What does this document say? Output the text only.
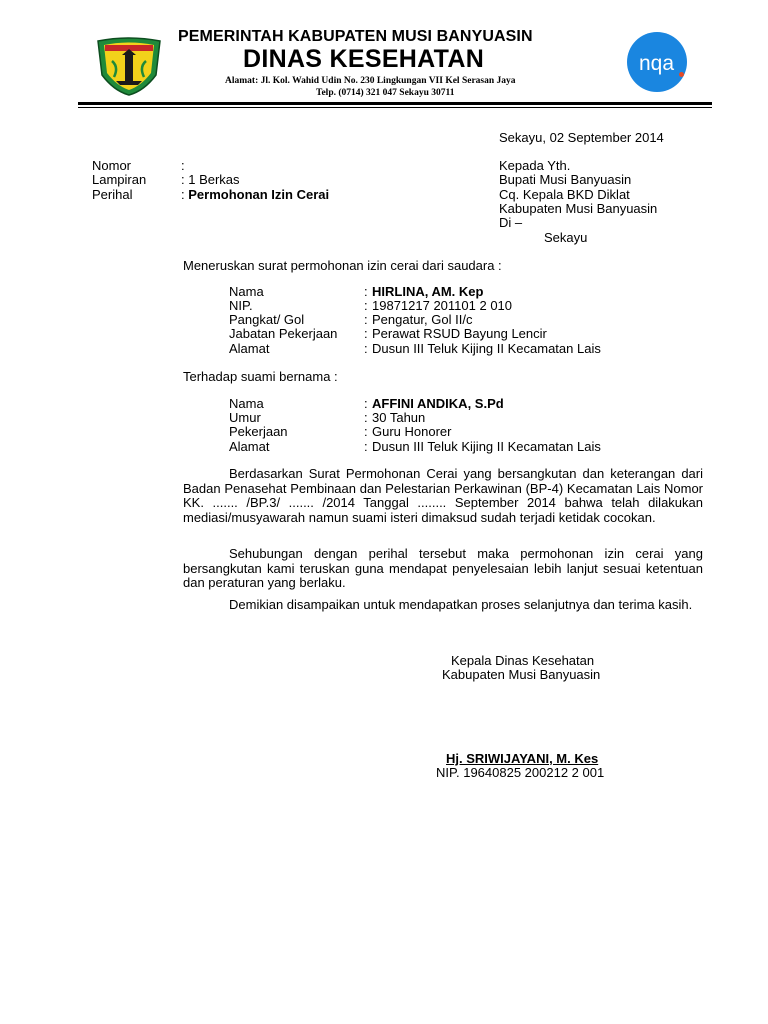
PEMERINTAH KABUPATEN MUSI BANYUASIN
DINAS KESEHATAN
Alamat: Jl. Kol. Wahid Udin No. 230 Lingkungan VII Kel Serasan Jaya
Telp. (0714) 321 047 Sekayu 30711
nqa
Sekayu, 02 September 2014
Nomor	:
Lampiran	: 1 Berkas
Perihal	: Permohonan Izin Cerai
Kepada Yth.
Bupati Musi Banyuasin
Cq. Kepala BKD Diklat
Kabupaten Musi Banyuasin
Di –
Sekayu
Meneruskan surat permohonan izin cerai dari saudara :
Nama	: HIRLINA, AM. Kep
NIP.	: 19871217 201101 2 010
Pangkat/ Gol	: Pengatur, Gol II/c
Jabatan Pekerjaan : Perawat RSUD Bayung Lencir
Alamat	: Dusun III Teluk Kijing II Kecamatan Lais
Terhadap suami bernama :
Nama	: AFFINI ANDIKA, S.Pd
Umur	: 30 Tahun
Pekerjaan	: Guru Honorer
Alamat	: Dusun III Teluk Kijing II Kecamatan Lais
Berdasarkan Surat Permohonan Cerai yang bersangkutan dan keterangan dari Badan Penasehat Pembinaan dan Pelestarian Perkawinan (BP-4) Kecamatan Lais Nomor KK. ....... /BP.3/ ....... /2014 Tanggal ........ September 2014 bahwa telah dilakukan mediasi/musyawarah namun suami isteri dimaksud sudah terjadi ketidak cocokan.
Sehubungan dengan perihal tersebut maka permohonan izin cerai yang bersangkutan kami teruskan guna mendapat penyelesaian lebih lanjut sesuai ketentuan dan peraturan yang berlaku.
Demikian disampaikan untuk mendapatkan proses selanjutnya dan terima kasih.
Kepala Dinas Kesehatan
Kabupaten Musi Banyuasin
Hj. SRIWIJAYANI, M. Kes
NIP. 19640825 200212 2 001
